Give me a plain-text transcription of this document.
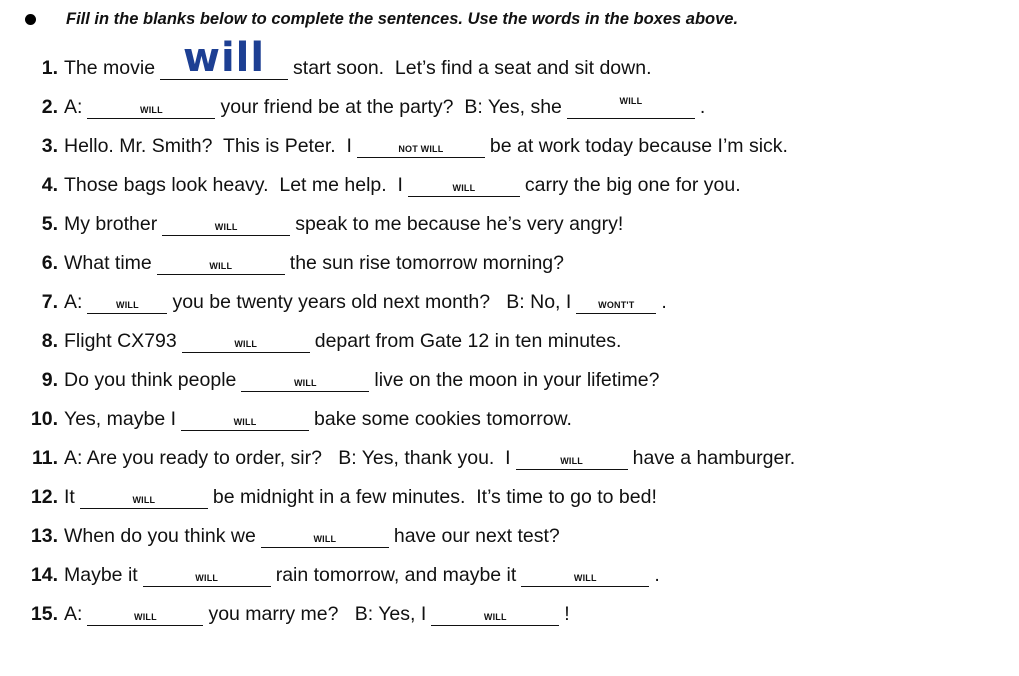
Fill in the blanks below to complete the sentences. Use the words in the boxes above.
1. The movie will	start soon.  Let’s find a seat and sit down.
2. A:	WILL	your friend be at the party?  B: Yes, she	WILL	.
3. Hello. Mr. Smith?  This is Peter.  I	NOT WILL	be at work today because I’m sick.
4. Those bags look heavy.  Let me help.  I	WILL	carry the big one for you.
5. My brother	WILL	speak to me because he’s very angry!
6. What time	WILL	the sun rise tomorrow morning?
7. A:	WILL	you be twenty years old next month?   B: No, I	WONT'T	.
8. Flight CX793	WILL	depart from Gate 12 in ten minutes.
9. Do you think people	WILL	live on the moon in your lifetime?
10. Yes, maybe I	WILL	bake some cookies tomorrow.
11. A: Are you ready to order, sir?   B: Yes, thank you.  I	WILL	have a hamburger.
12. It	WILL	be midnight in a few minutes.  It’s time to go to bed!
13. When do you think we	WILL	have our next test?
14. Maybe it	WILL	rain tomorrow, and maybe it	WILL	.
15. A:	WILL	you marry me?   B: Yes, I	WILL	!
